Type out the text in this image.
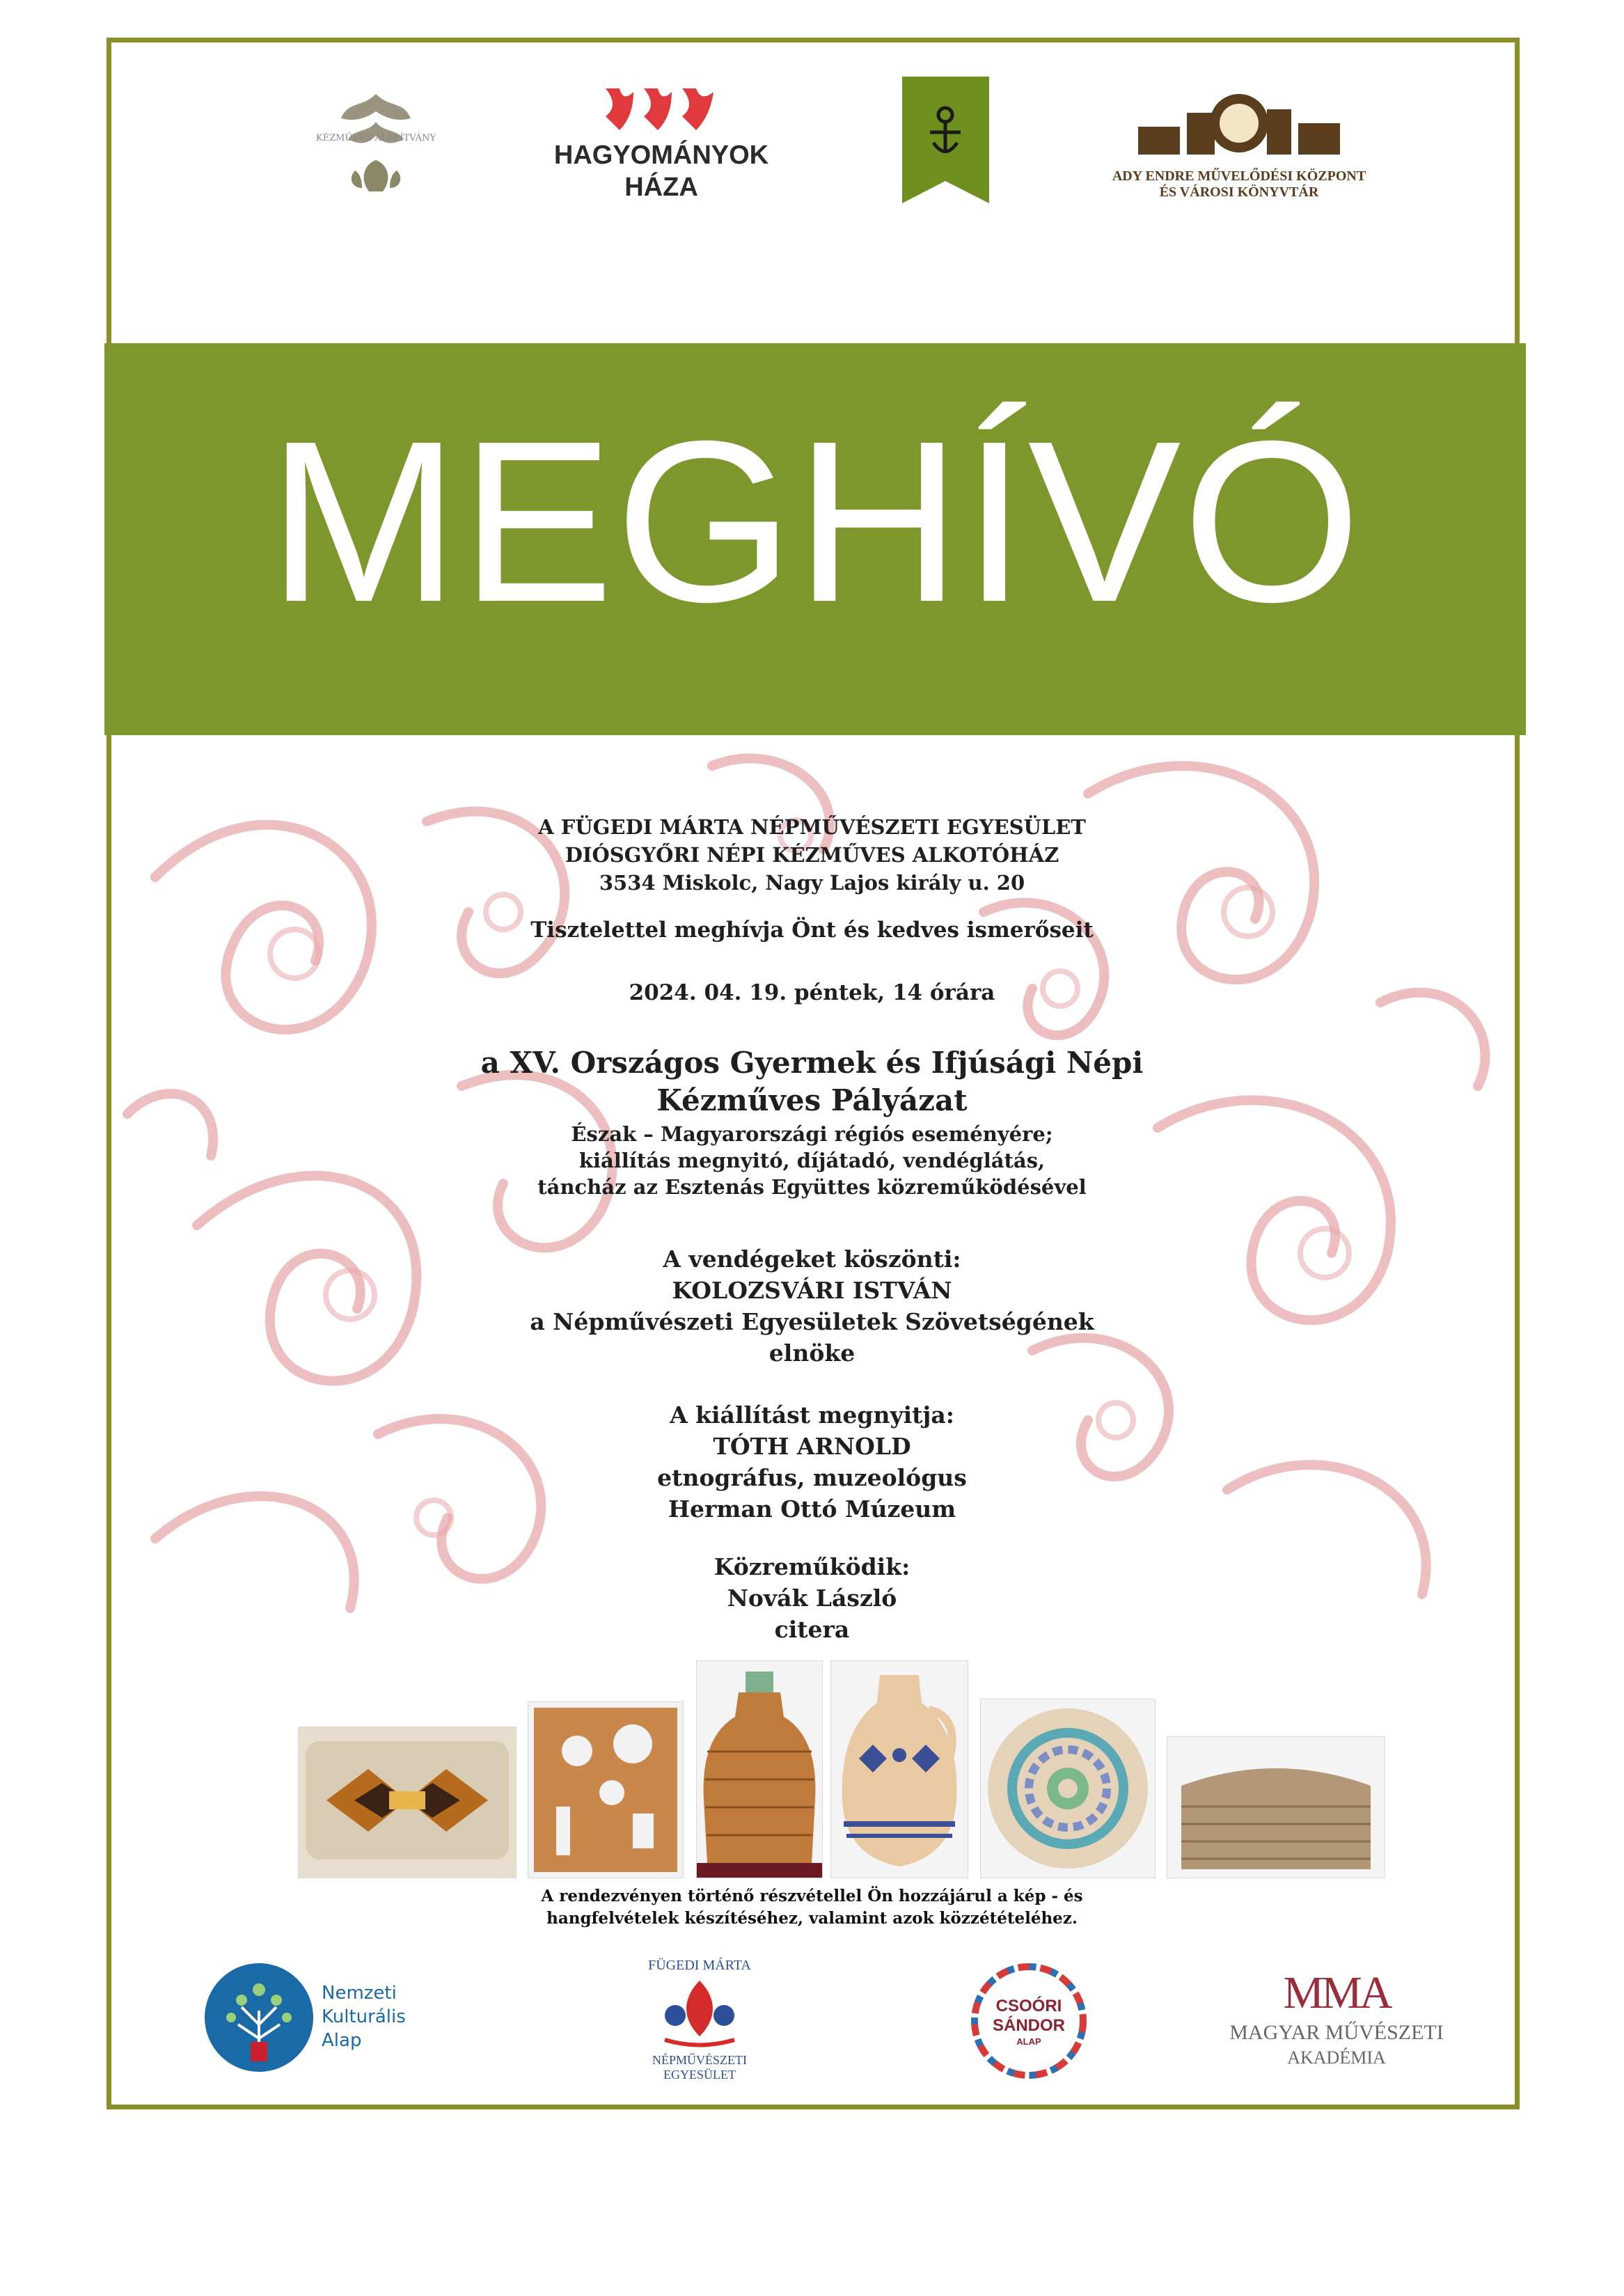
KÉZMŰVES ALAPÍTVÁNY
HAGYOMÁNYOK
HÁZA	ADY ENDRE MŰVELŐDÉSI KÖZPONT
ÉS VÁROSI KÖNYVTÁR
MEGHÍVÓ
A FÜGEDI MÁRTA NÉPMŰVÉSZETI EGYESÜLET
DIÓSGYŐRI NÉPI KÉZMŰVES ALKOTÓHÁZ
3534 Miskolc, Nagy Lajos király u. 20
Tisztelettel meghívja Önt és kedves ismerőseit
2024. 04. 19. péntek, 14 órára
a XV. Országos Gyermek és Ifjúsági Népi
Kézműves Pályázat
Észak – Magyarországi régiós eseményére;
kiállítás megnyitó, díjátadó, vendéglátás,
táncház az Esztenás Együttes közreműködésével
A vendégeket köszönti:
KOLOZSVÁRI ISTVÁN
a Népművészeti Egyesületek Szövetségének
elnöke
A kiállítást megnyitja:
TÓTH ARNOLD
etnográfus, muzeológus
Herman Ottó Múzeum
Közreműködik:
Novák László
citera
A rendezvényen történő részvétellel Ön hozzájárul a kép - és
hangfelvételek készítéséhez, valamint azok közzétételéhez.
Nemzeti
Kulturális
Alap
FÜGEDI MÁRTA
NÉPMŰVÉSZETI
EGYESÜLET
CSOÓRI
SÁNDOR
ALAP
MMA
MAGYAR MŰVÉSZETI
AKADÉMIA
